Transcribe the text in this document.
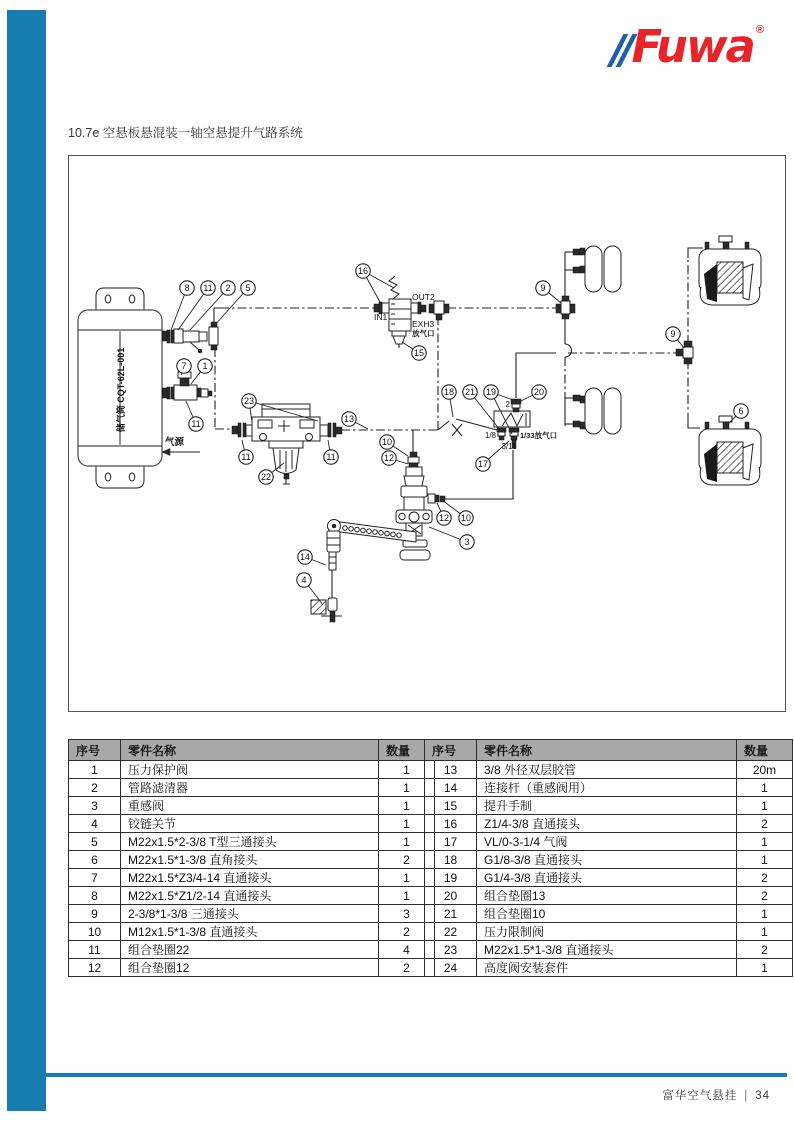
Fuwa ®
10.7e 空悬板悬混装一轴空悬提升气路系统
储气筒 CQT-62L-001
气源
OUT2
IN1
EXH3
放气口
2
1/8	1/33放气口
3/11
8 11 2 5
7 1
11
16
15
9
9
23
11	11
22
13
10
12
18 21 19	20
17
12 10
3
14
4
6
序号	零件名称	数量
1	压力保护阀	1
2	管路滤清器	1
3	重感阀	1
4	铰链关节	1
5	M22x1.5*2-3/8 T型三通接头	1
6	M22x1.5*1-3/8 直角接头	2
7	M22x1.5*Z3/4-14 直通接头	1
8	M22x1.5*Z1/2-14 直通接头	1
9	2-3/8*1-3/8 三通接头	3
10	M12x1.5*1-3/8 直通接头	2
11	组合垫圈22	4
12	组合垫圈12	2
序号	零件名称	数量
13	3/8 外径双层胶管	20m
14	连接杆（重感阀用）	1
15	提升手制	1
16	Z1/4-3/8 直通接头	2
17	VL/0-3-1/4 气阀	1
18	G1/8-3/8 直通接头	1
19	G1/4-3/8 直通接头	2
20	组合垫圈13	2
21	组合垫圈10	1
22	压力限制阀	1
23	M22x1.5*1-3/8 直通接头	2
24	高度阀安装套件	1
富华空气悬挂 | 34
